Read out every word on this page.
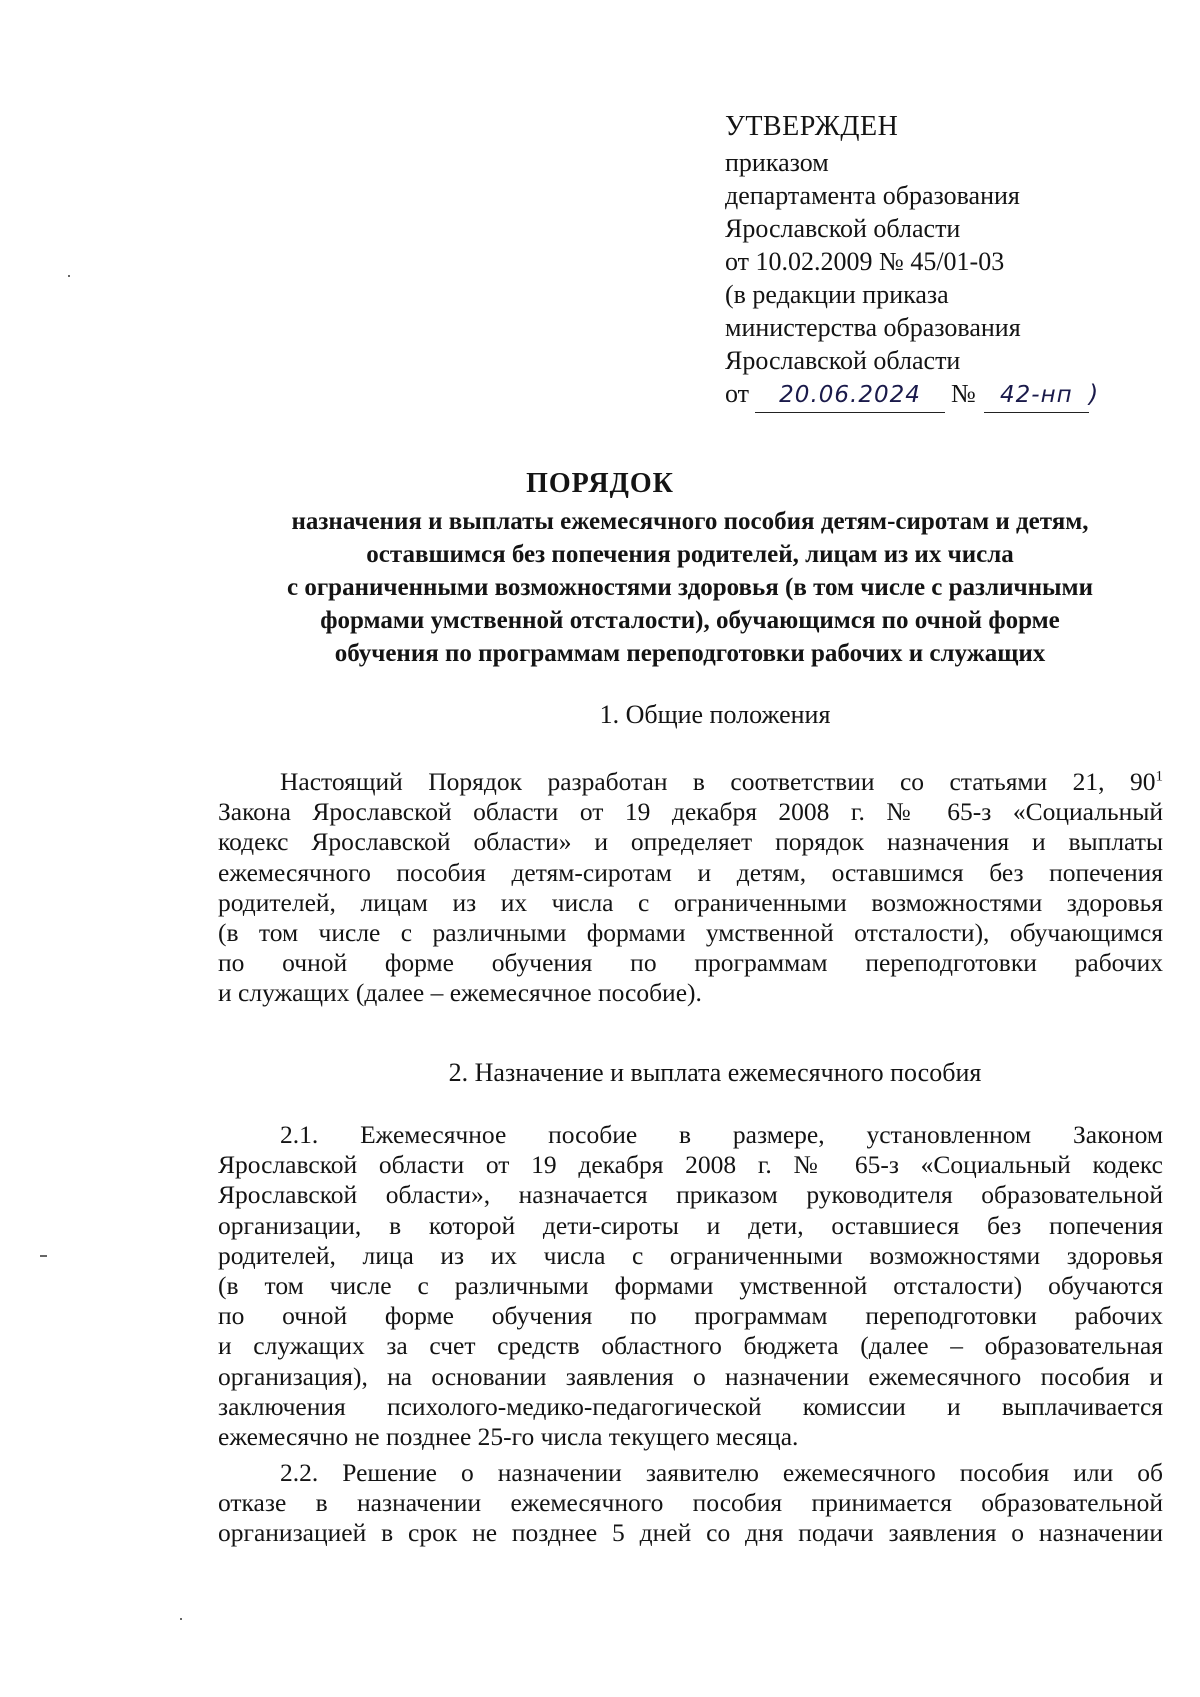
УТВЕРЖДЕН
приказом
департамента образования
Ярославской области
от 10.02.2009 № 45/01-03
(в редакции приказа
министерства образования
Ярославской области
от	20.06.2024	№	42-нп )
ПОРЯДОК
назначения и выплаты ежемесячного пособия детям-сиротам и детям,
оставшимся без попечения родителей, лицам из их числа
с ограниченными возможностями здоровья (в том числе с различными
формами умственной отсталости), обучающимся по очной форме
обучения по программам переподготовки рабочих и служащих
1. Общие положения
Настоящий Порядок разработан в соответствии со статьями 21, $90^1$
Закона Ярославской области от 19 декабря 2008 г. № 65-з «Социальный
кодекс Ярославской области» и определяет порядок назначения и выплаты
ежемесячного пособия детям-сиротам и детям, оставшимся без попечения
родителей, лицам из их числа с ограниченными возможностями здоровья
(в том числе с различными формами умственной отсталости), обучающимся
по очной форме обучения по программам переподготовки рабочих
и служащих (далее – ежемесячное пособие).
2. Назначение и выплата ежемесячного пособия
2.1. Ежемесячное пособие в размере, установленном Законом
Ярославской области от 19 декабря 2008 г. № 65-з «Социальный кодекс
Ярославской области», назначается приказом руководителя образовательной
организации, в которой дети-сироты и дети, оставшиеся без попечения
родителей, лица из их числа с ограниченными возможностями здоровья
(в том числе с различными формами умственной отсталости) обучаются
по очной форме обучения по программам переподготовки рабочих
и служащих за счет средств областного бюджета (далее – образовательная
организация), на основании заявления о назначении ежемесячного пособия и
заключения психолого-медико-педагогической комиссии и выплачивается
ежемесячно не позднее 25-го числа текущего месяца.
2.2. Решение о назначении заявителю ежемесячного пособия или об
отказе в назначении ежемесячного пособия принимается образовательной
организацией в срок не позднее 5 дней со дня подачи заявления о назначении
